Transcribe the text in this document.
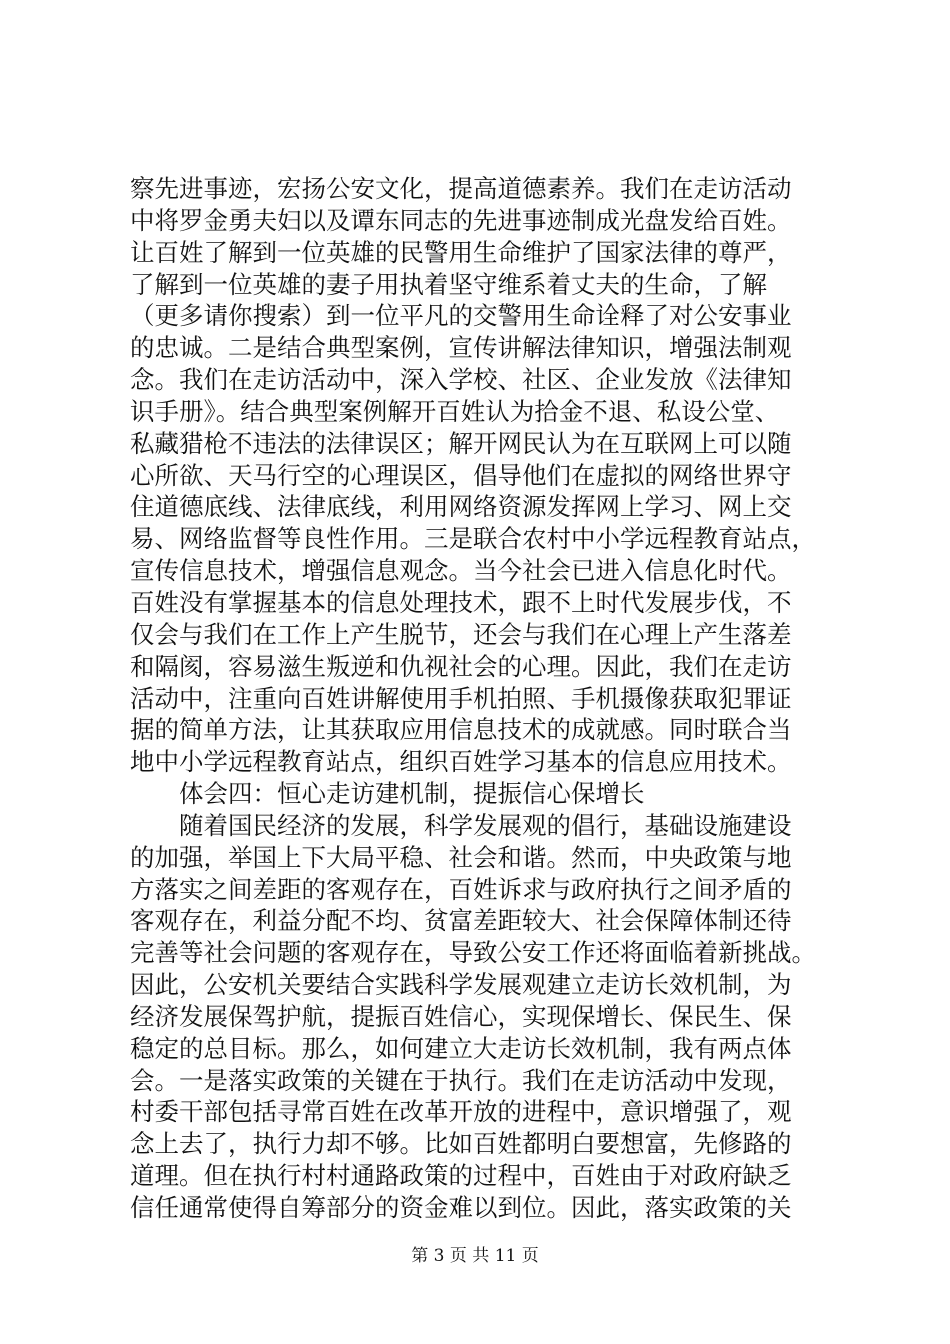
察先进事迹，宏扬公安文化，提高道德素养。我们在走访活动
中将罗金勇夫妇以及谭东同志的先进事迹制成光盘发给百姓。
让百姓了解到一位英雄的民警用生命维护了国家法律的尊严，
了解到一位英雄的妻子用执着坚守维系着丈夫的生命，了解
（更多请你搜索）到一位平凡的交警用生命诠释了对公安事业
的忠诚。二是结合典型案例，宣传讲解法律知识，增强法制观
念。我们在走访活动中，深入学校、社区、企业发放《法律知
识手册》。结合典型案例解开百姓认为拾金不退、私设公堂、
私藏猎枪不违法的法律误区；解开网民认为在互联网上可以随
心所欲、天马行空的心理误区，倡导他们在虚拟的网络世界守
住道德底线、法律底线，利用网络资源发挥网上学习、网上交
易、网络监督等良性作用。三是联合农村中小学远程教育站点，
宣传信息技术，增强信息观念。当今社会已进入信息化时代。
百姓没有掌握基本的信息处理技术，跟不上时代发展步伐，不
仅会与我们在工作上产生脱节，还会与我们在心理上产生落差
和隔阂，容易滋生叛逆和仇视社会的心理。因此，我们在走访
活动中，注重向百姓讲解使用手机拍照、手机摄像获取犯罪证
据的简单方法，让其获取应用信息技术的成就感。同时联合当
地中小学远程教育站点，组织百姓学习基本的信息应用技术。
体会四：恒心走访建机制，提振信心保增长
随着国民经济的发展，科学发展观的倡行，基础设施建设
的加强，举国上下大局平稳、社会和谐。然而，中央政策与地
方落实之间差距的客观存在，百姓诉求与政府执行之间矛盾的
客观存在，利益分配不均、贫富差距较大、社会保障体制还待
完善等社会问题的客观存在，导致公安工作还将面临着新挑战。
因此，公安机关要结合实践科学发展观建立走访长效机制，为
经济发展保驾护航，提振百姓信心，实现保增长、保民生、保
稳定的总目标。那么，如何建立大走访长效机制，我有两点体
会。一是落实政策的关键在于执行。我们在走访活动中发现，
村委干部包括寻常百姓在改革开放的进程中，意识增强了，观
念上去了，执行力却不够。比如百姓都明白要想富，先修路的
道理。但在执行村村通路政策的过程中，百姓由于对政府缺乏
信任通常使得自筹部分的资金难以到位。因此，落实政策的关
第 3 页 共 11 页
